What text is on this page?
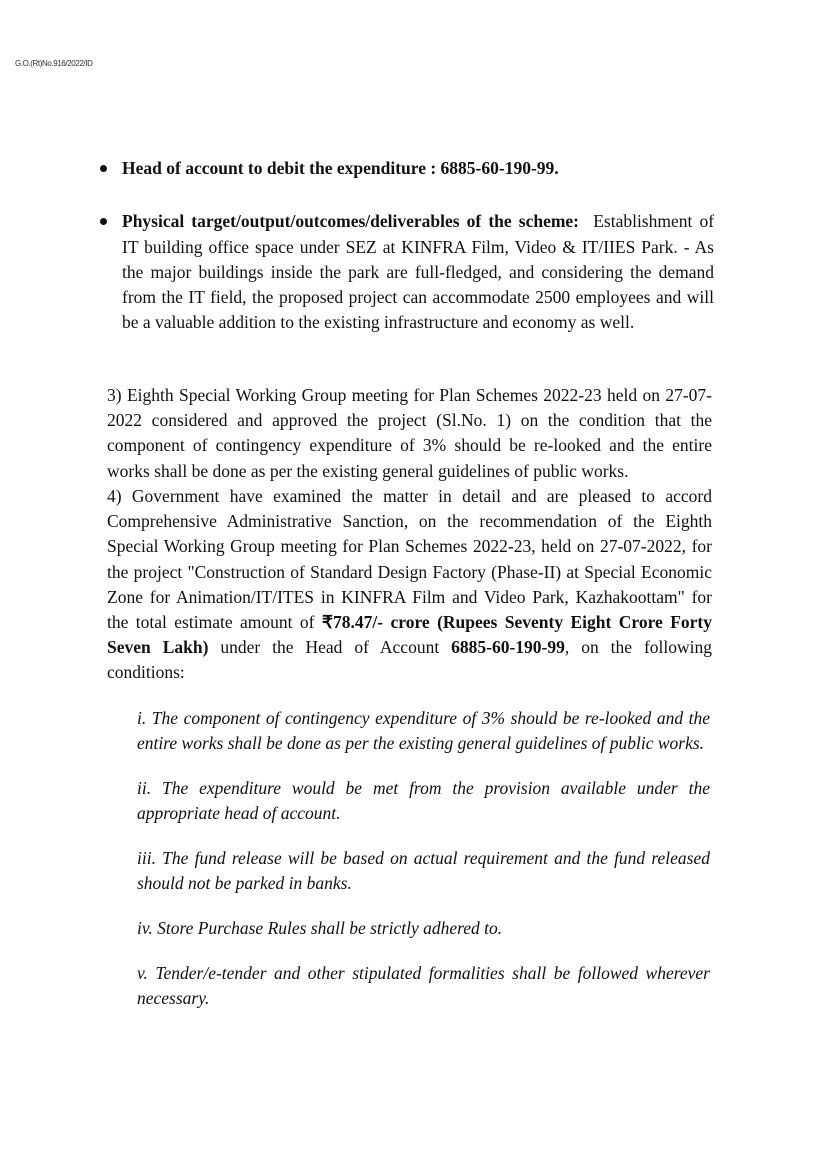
G.O.(Rt)No.916/2022/ID
Head of account to debit the expenditure : 6885-60-190-99.
Physical target/output/outcomes/deliverables of the scheme: Establishment of IT building office space under SEZ at KINFRA Film, Video & IT/IIES Park. - As the major buildings inside the park are full-fledged, and considering the demand from the IT field, the proposed project can accommodate 2500 employees and will be a valuable addition to the existing infrastructure and economy as well.

3) Eighth Special Working Group meeting for Plan Schemes 2022-23 held on 27-07-2022 considered and approved the project (Sl.No. 1) on the condition that the component of contingency expenditure of 3% should be re-looked and the entire works shall be done as per the existing general guidelines of public works.

4) Government have examined the matter in detail and are pleased to accord Comprehensive Administrative Sanction, on the recommendation of the Eighth Special Working Group meeting for Plan Schemes 2022-23, held on 27-07-2022, for the project "Construction of Standard Design Factory (Phase-II) at Special Economic Zone for Animation/IT/ITES in KINFRA Film and Video Park, Kazhakoottam" for the total estimate amount of ₹78.47/- crore (Rupees Seventy Eight Crore Forty Seven Lakh) under the Head of Account 6885-60-190-99, on the following conditions:

i. The component of contingency expenditure of 3% should be re-looked and the entire works shall be done as per the existing general guidelines of public works.
ii. The expenditure would be met from the provision available under the appropriate head of account.
iii. The fund release will be based on actual requirement and the fund released should not be parked in banks.
iv. Store Purchase Rules shall be strictly adhered to.
v. Tender/e-tender and other stipulated formalities shall be followed wherever necessary.
